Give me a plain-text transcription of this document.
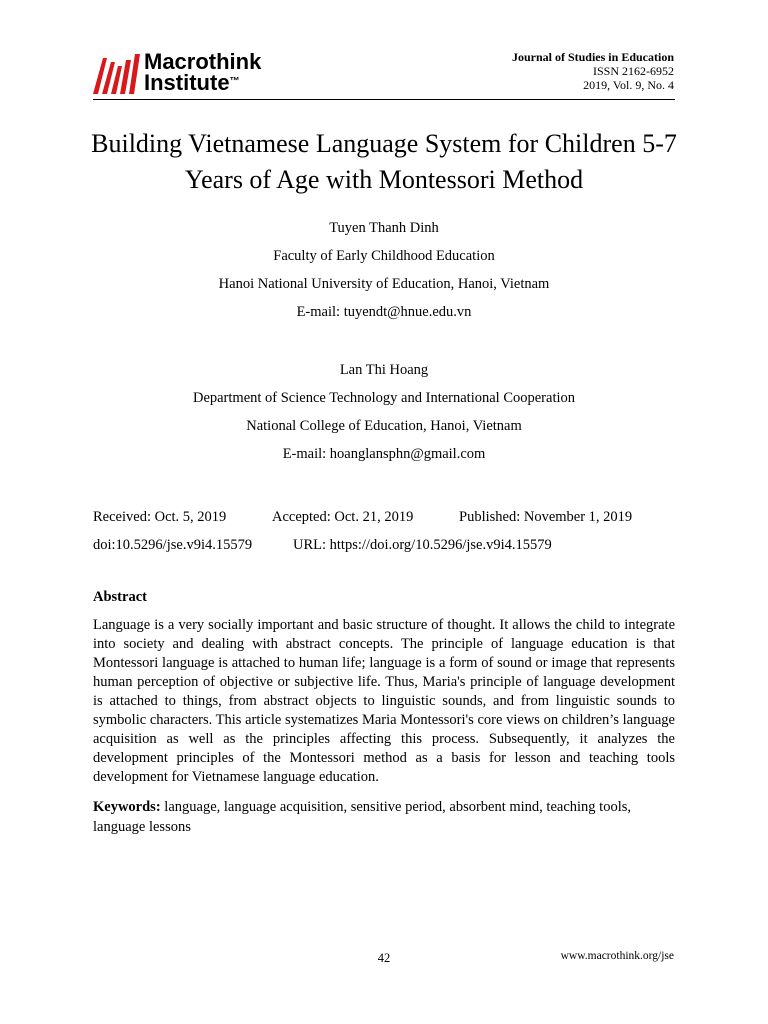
Macrothink
Institute™
Journal of Studies in Education
ISSN 2162-6952
2019, Vol. 9, No. 4
Building Vietnamese Language System for Children 5-7
Years of Age with Montessori Method
Tuyen Thanh Dinh
Faculty of Early Childhood Education
Hanoi National University of Education, Hanoi, Vietnam
E-mail: tuyendt@hnue.edu.vn
Lan Thi Hoang
Department of Science Technology and International Cooperation
National College of Education, Hanoi, Vietnam
E-mail: hoanglansphn@gmail.com
Received: Oct. 5, 2019	Accepted: Oct. 21, 2019	Published: November 1, 2019
doi:10.5296/jse.v9i4.15579	URL: https://doi.org/10.5296/jse.v9i4.15579
Abstract

Language is a very socially important and basic structure of thought. It allows the child to integrate into society and dealing with abstract concepts. The principle of language education is that Montessori language is attached to human life; language is a form of sound or image that represents human perception of objective or subjective life. Thus, Maria's principle of language development is attached to things, from abstract objects to linguistic sounds, and from linguistic sounds to symbolic characters. This article systematizes Maria Montessori's core views on children’s language acquisition as well as the principles affecting this process. Subsequently, it analyzes the development principles of the Montessori method as a basis for lesson and teaching tools development for Vietnamese language education.

Keywords: language, language acquisition, sensitive period, absorbent mind, teaching tools, language lessons

42	www.macrothink.org/jse
